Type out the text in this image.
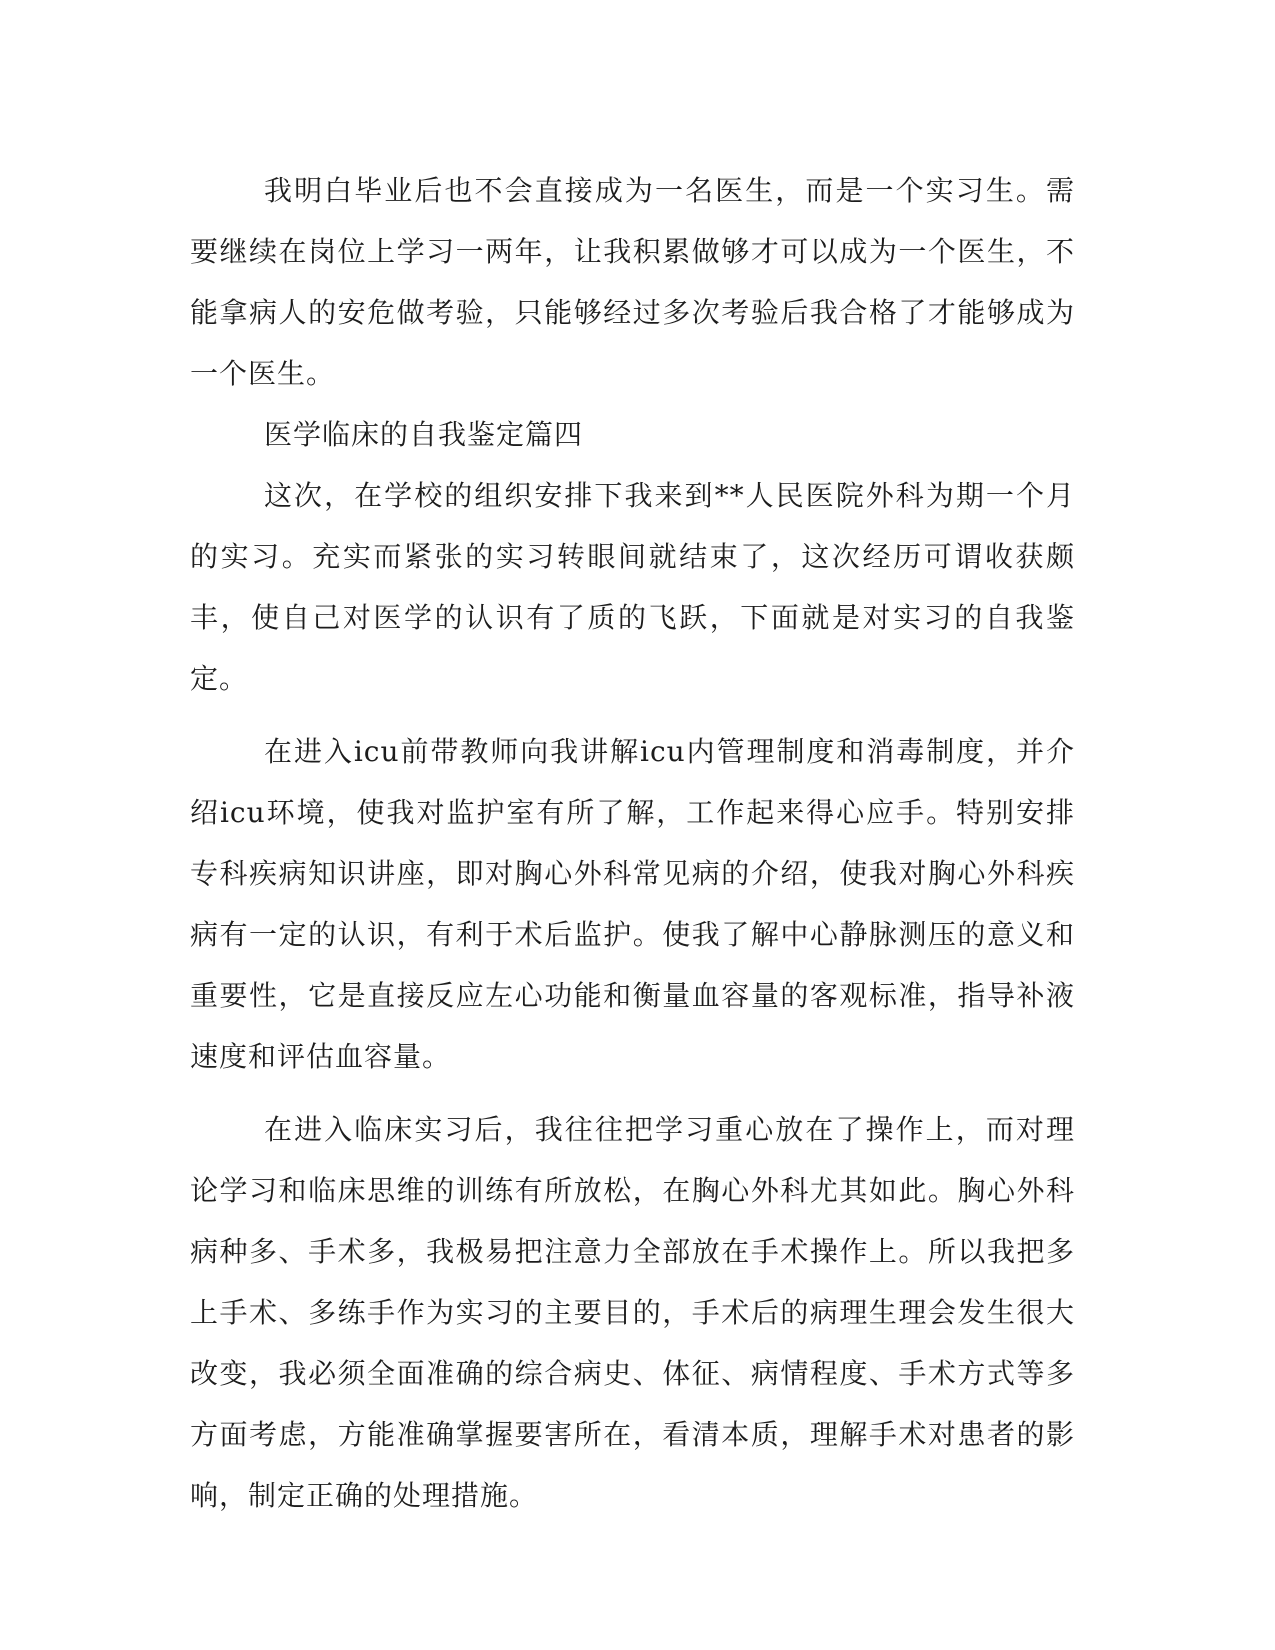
我明白毕业后也不会直接成为一名医生，而是一个实习生。需要继续在岗位上学习一两年，让我积累做够才可以成为一个医生，不能拿病人的安危做考验，只能够经过多次考验后我合格了才能够成为一个医生。

医学临床的自我鉴定篇四

这次，在学校的组织安排下我来到**人民医院外科为期一个月的实习。充实而紧张的实习转眼间就结束了，这次经历可谓收获颇丰，使自己对医学的认识有了质的飞跃，下面就是对实习的自我鉴定。

在进入icu前带教师向我讲解icu内管理制度和消毒制度，并介绍icu环境，使我对监护室有所了解，工作起来得心应手。特别安排专科疾病知识讲座，即对胸心外科常见病的介绍，使我对胸心外科疾病有一定的认识，有利于术后监护。使我了解中心静脉测压的意义和重要性，它是直接反应左心功能和衡量血容量的客观标准，指导补液速度和评估血容量。

在进入临床实习后，我往往把学习重心放在了操作上，而对理论学习和临床思维的训练有所放松，在胸心外科尤其如此。胸心外科病种多、手术多，我极易把注意力全部放在手术操作上。所以我把多上手术、多练手作为实习的主要目的，手术后的病理生理会发生很大改变，我必须全面准确的综合病史、体征、病情程度、手术方式等多方面考虑，方能准确掌握要害所在，看清本质，理解手术对患者的影响，制定正确的处理措施。
